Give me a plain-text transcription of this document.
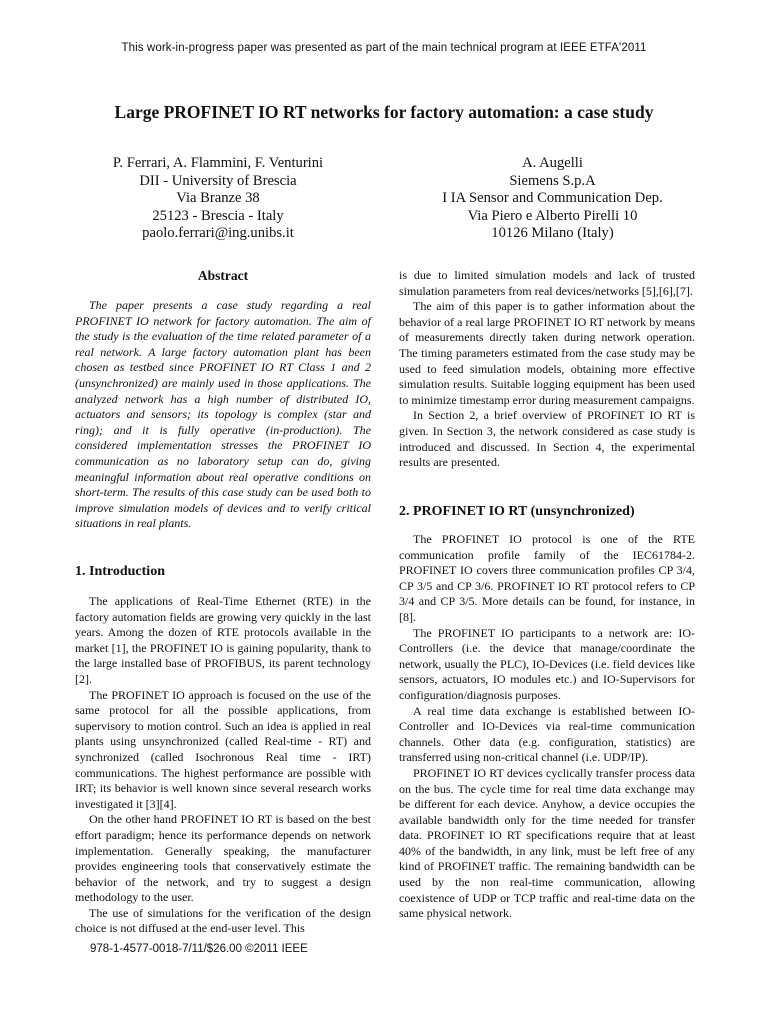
This work-in-progress paper was presented as part of the main technical program at IEEE ETFA'2011
Large PROFINET IO RT networks for factory automation: a case study
P. Ferrari, A. Flammini, F. Venturini
DII - University of Brescia
Via Branze 38
25123 - Brescia - Italy
paolo.ferrari@ing.unibs.it
A. Augelli
Siemens S.p.A
I IA Sensor and Communication Dep.
Via Piero e Alberto Pirelli 10
10126 Milano (Italy)
Abstract

The paper presents a case study regarding a real PROFINET IO network for factory automation. The aim of the study is the evaluation of the time related parameter of a real network. A large factory automation plant has been chosen as testbed since PROFINET IO RT Class 1 and 2 (unsynchronized) are mainly used in those applications. The analyzed network has a high number of distributed IO, actuators and sensors; its topology is complex (star and ring); and it is fully operative (in-production). The considered implementation stresses the PROFINET IO communication as no laboratory setup can do, giving meaningful information about real operative conditions on short-term. The results of this case study can be used both to improve simulation models of devices and to verify critical situations in real plants.

1. Introduction

The applications of Real-Time Ethernet (RTE) in the factory automation fields are growing very quickly in the last years. Among the dozen of RTE protocols available in the market [1], the PROFINET IO is gaining popularity, thank to the large installed base of PROFIBUS, its parent technology [2].

The PROFINET IO approach is focused on the use of the same protocol for all the possible applications, from supervisory to motion control. Such an idea is applied in real plants using unsynchronized (called Real-time - RT) and synchronized (called Isochronous Real time - IRT) communications. The highest performance are possible with IRT; its behavior is well known since several research works investigated it [3][4].

On the other hand PROFINET IO RT is based on the best effort paradigm; hence its performance depends on network implementation. Generally speaking, the manufacturer provides engineering tools that conservatively estimate the behavior of the network, and try to suggest a design methodology to the user.

The use of simulations for the verification of the design choice is not diffused at the end-user level. This

is due to limited simulation models and lack of trusted simulation parameters from real devices/networks [5],[6],[7].

The aim of this paper is to gather information about the behavior of a real large PROFINET IO RT network by means of measurements directly taken during network operation. The timing parameters estimated from the case study may be used to feed simulation models, obtaining more effective simulation results. Suitable logging equipment has been used to minimize timestamp error during measurement campaigns.

In Section 2, a brief overview of PROFINET IO RT is given. In Section 3, the network considered as case study is introduced and discussed. In Section 4, the experimental results are presented.

2. PROFINET IO RT (unsynchronized)

The PROFINET IO protocol is one of the RTE communication profile family of the IEC61784-2. PROFINET IO covers three communication profiles CP 3/4, CP 3/5 and CP 3/6. PROFINET IO RT protocol refers to CP 3/4 and CP 3/5. More details can be found, for instance, in [8].

The PROFINET IO participants to a network are: IO-Controllers (i.e. the device that manage/coordinate the network, usually the PLC), IO-Devices (i.e. field devices like sensors, actuators, IO modules etc.) and IO-Supervisors for configuration/diagnosis purposes.

A real time data exchange is established between IO-Controller and IO-Devices via real-time communication channels. Other data (e.g. configuration, statistics) are transferred using non-critical channel (i.e. UDP/IP).

PROFINET IO RT devices cyclically transfer process data on the bus. The cycle time for real time data exchange may be different for each device. Anyhow, a device occupies the available bandwidth only for the time needed for transfer data. PROFINET IO RT specifications require that at least 40% of the bandwidth, in any link, must be left free of any kind of PROFINET traffic. The remaining bandwidth can be used by the non real-time communication, allowing coexistence of UDP or TCP traffic and real-time data on the same physical network.

978-1-4577-0018-7/11/$26.00 ©2011 IEEE
